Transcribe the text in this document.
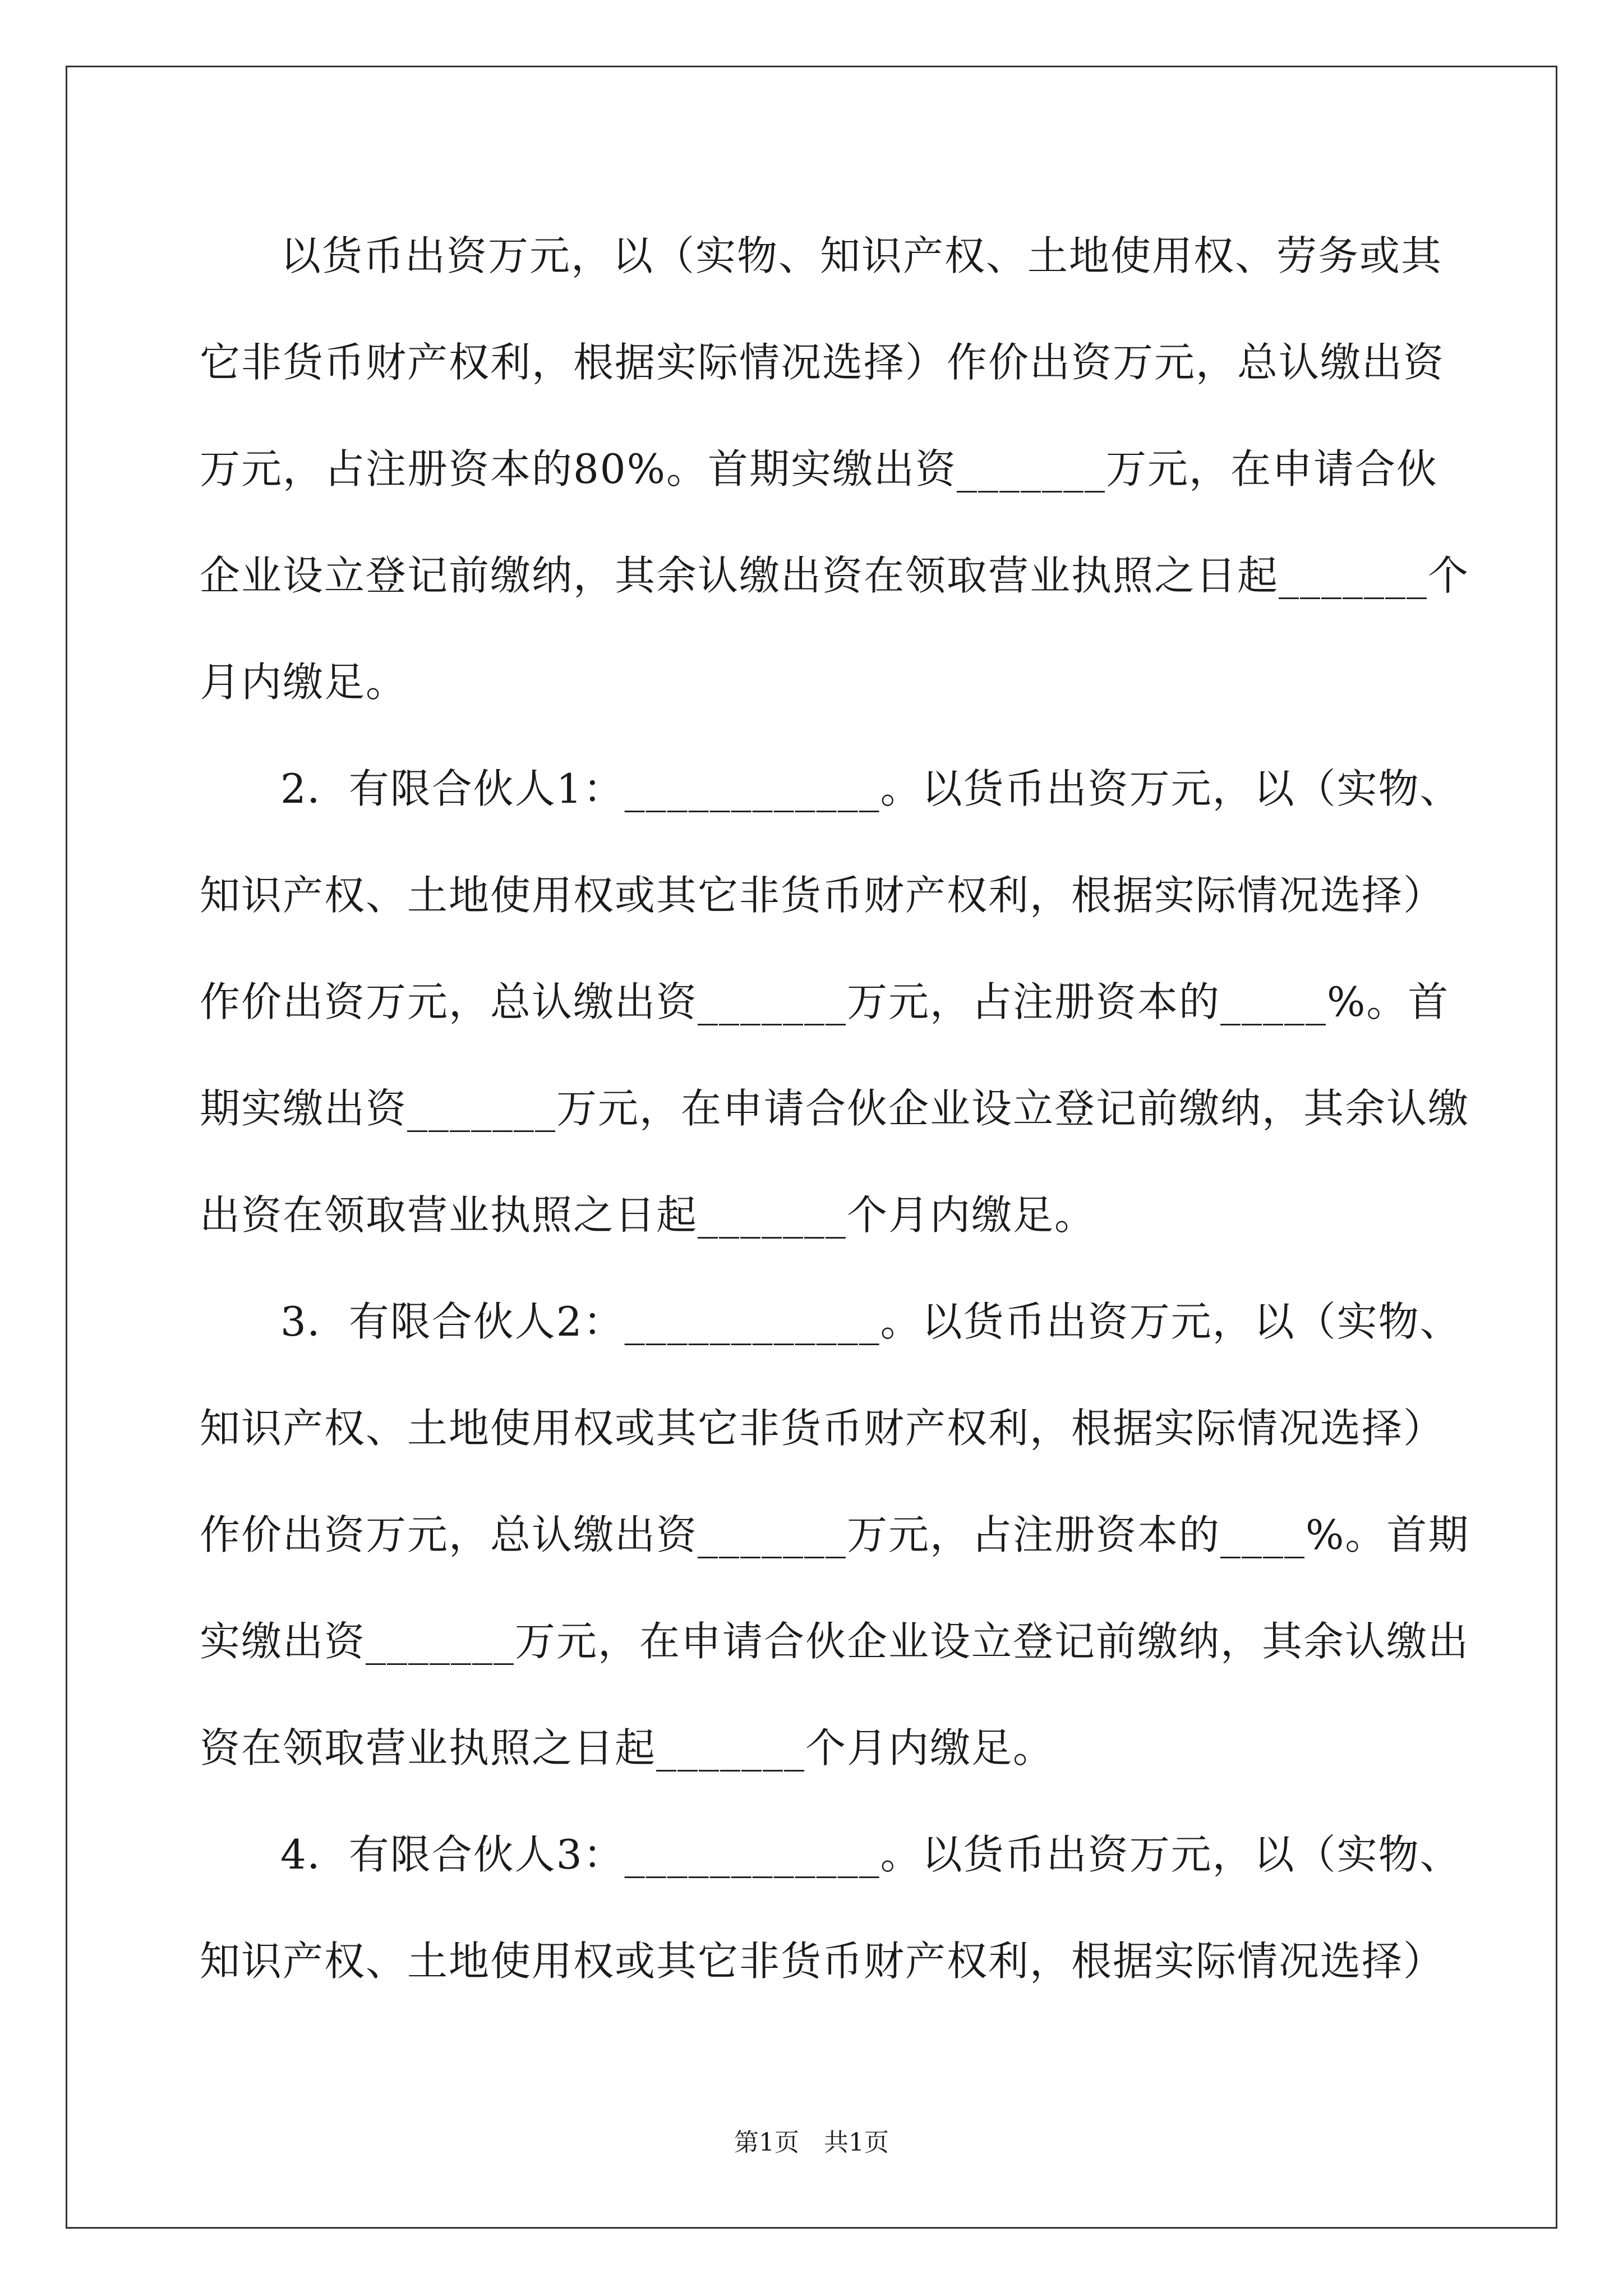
以货币出资万元，以（实物、知识产权、土地使用权、劳务或其
它非货币财产权利，根据实际情况选择）作价出资万元，总认缴出资
万元，占注册资本的80%。首期实缴出资_______万元，在申请合伙
企业设立登记前缴纳，其余认缴出资在领取营业执照之日起_______个
月内缴足。
2．有限合伙人1：____________。以货币出资万元，以（实物、
知识产权、土地使用权或其它非货币财产权利，根据实际情况选择）
作价出资万元，总认缴出资_______万元，占注册资本的_____%。首
期实缴出资_______万元，在申请合伙企业设立登记前缴纳，其余认缴
出资在领取营业执照之日起_______个月内缴足。
3．有限合伙人2：____________。以货币出资万元，以（实物、
知识产权、土地使用权或其它非货币财产权利，根据实际情况选择）
作价出资万元，总认缴出资_______万元，占注册资本的____%。首期
实缴出资_______万元，在申请合伙企业设立登记前缴纳，其余认缴出
资在领取营业执照之日起_______个月内缴足。
4．有限合伙人3：____________。以货币出资万元，以（实物、
知识产权、土地使用权或其它非货币财产权利，根据实际情况选择）
第1页　共1页
